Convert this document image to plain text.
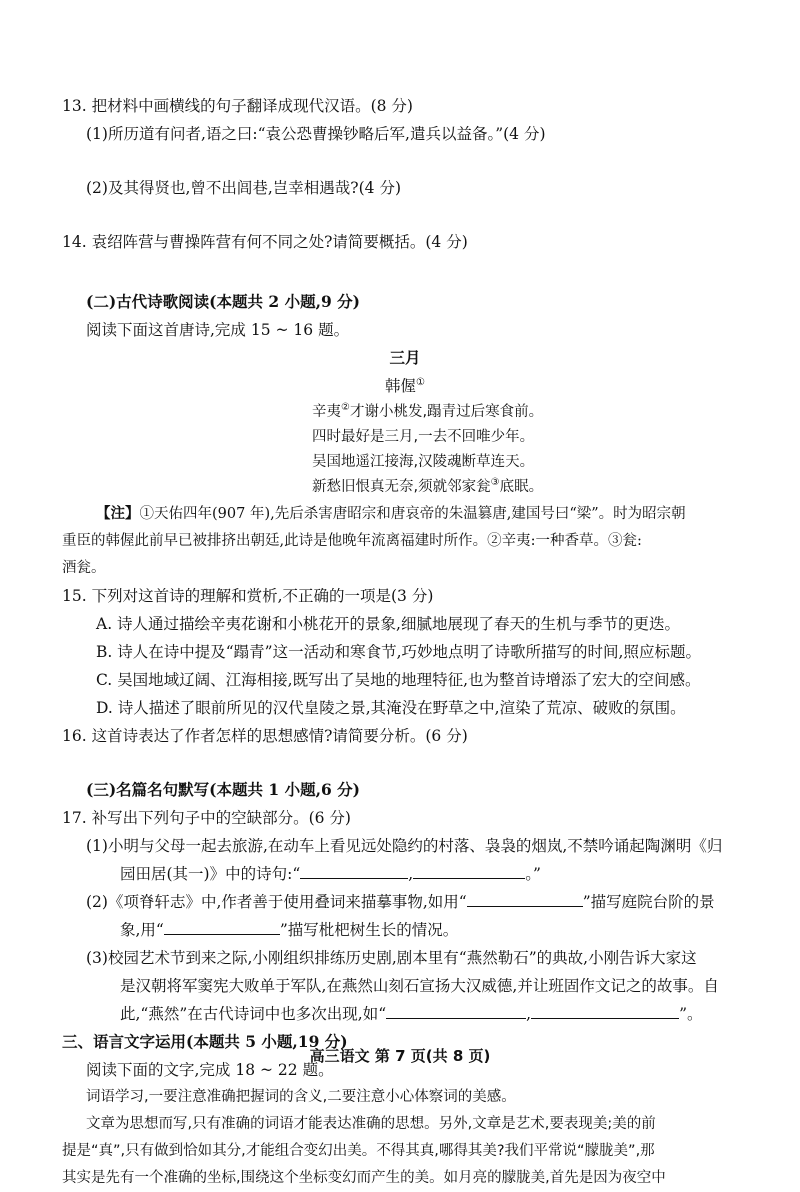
13. 把材料中画横线的句子翻译成现代汉语。(8 分)
(1)所历道有问者,语之曰:“袁公恐曹操钞略后军,遣兵以益备。”(4 分)
(2)及其得贤也,曾不出闾巷,岂幸相遇哉?(4 分)
14. 袁绍阵营与曹操阵营有何不同之处?请简要概括。(4 分)
(二)古代诗歌阅读(本题共 2 小题,9 分)
阅读下面这首唐诗,完成 15 ~ 16 题。
三月
韩偓①
辛夷②才谢小桃发,蹋青过后寒食前。
四时最好是三月,一去不回唯少年。
吴国地遥江接海,汉陵魂断草连天。
新愁旧恨真无奈,须就邻家瓮③底眠。
【注】①天佑四年(907 年),先后杀害唐昭宗和唐哀帝的朱温篡唐,建国号曰“梁”。时为昭宗朝
重臣的韩偓此前早已被排挤出朝廷,此诗是他晚年流离福建时所作。②辛夷:一种香草。③瓮:
酒瓮。
15. 下列对这首诗的理解和赏析,不正确的一项是(3 分)
A. 诗人通过描绘辛夷花谢和小桃花开的景象,细腻地展现了春天的生机与季节的更迭。
B. 诗人在诗中提及“蹋青”这一活动和寒食节,巧妙地点明了诗歌所描写的时间,照应标题。
C. 吴国地域辽阔、江海相接,既写出了吴地的地理特征,也为整首诗增添了宏大的空间感。
D. 诗人描述了眼前所见的汉代皇陵之景,其淹没在野草之中,渲染了荒凉、破败的氛围。
16. 这首诗表达了作者怎样的思想感情?请简要分析。(6 分)
(三)名篇名句默写(本题共 1 小题,6 分)
17. 补写出下列句子中的空缺部分。(6 分)
(1)小明与父母一起去旅游,在动车上看见远处隐约的村落、袅袅的烟岚,不禁吟诵起陶渊明《归
园田居(其一)》中的诗句:“	,	。”
(2)《项脊轩志》中,作者善于使用叠词来描摹事物,如用“	”描写庭院台阶的景
象,用“	”描写枇杷树生长的情况。
(3)校园艺术节到来之际,小刚组织排练历史剧,剧本里有“燕然勒石”的典故,小刚告诉大家这
是汉朝将军窦宪大败单于军队,在燕然山刻石宣扬大汉威德,并让班固作文记之的故事。自
此,“燕然”在古代诗词中也多次出现,如“	,	”。
三、语言文字运用(本题共 5 小题,19 分)
阅读下面的文字,完成 18 ~ 22 题。
词语学习,一要注意准确把握词的含义,二要注意小心体察词的美感。
文章为思想而写,只有准确的词语才能表达准确的思想。另外,文章是艺术,要表现美;美的前
提是“真”,只有做到恰如其分,才能组合变幻出美。不得其真,哪得其美?我们平常说“朦胧美”,那
其实是先有一个准确的坐标,围绕这个坐标变幻而产生的美。如月亮的朦胧美,首先是因为夜空中
高三语文 第 7 页(共 8 页)
